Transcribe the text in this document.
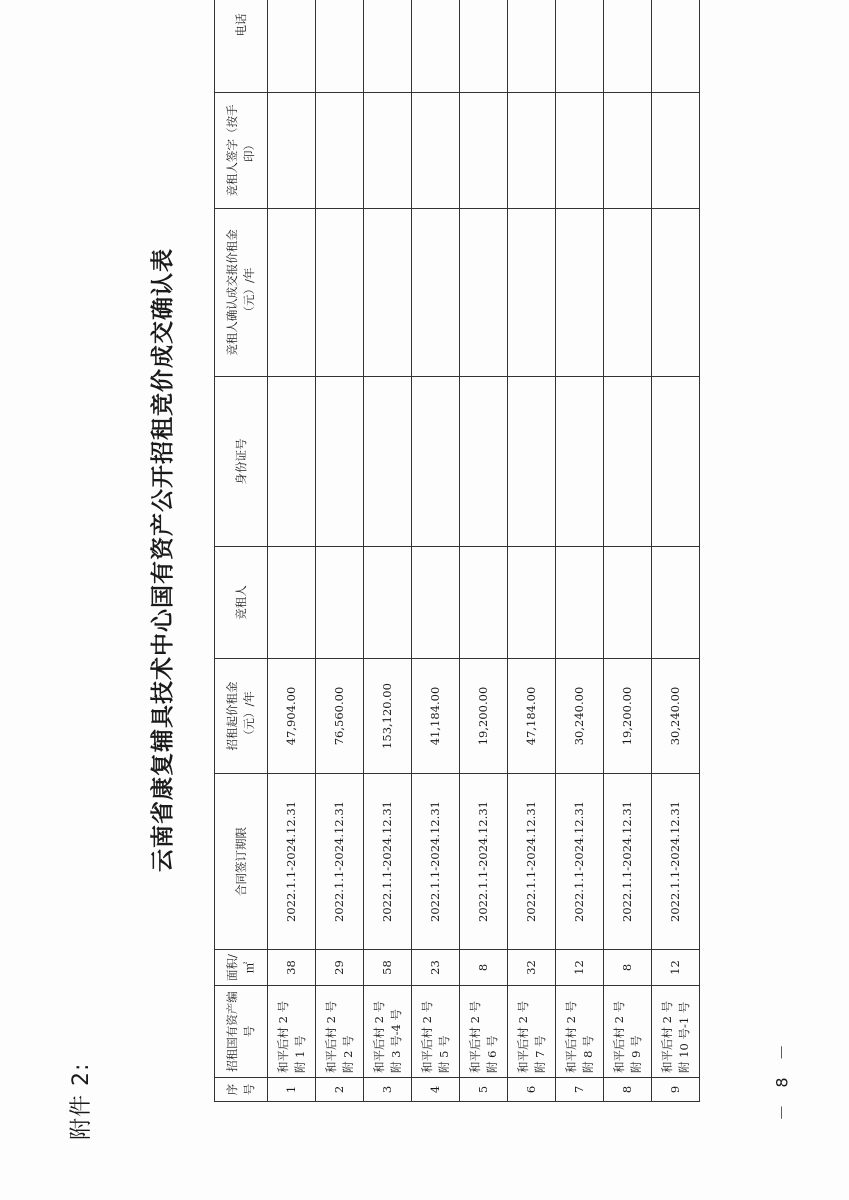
附件 2:
云南省康复辅具技术中心国有资产公开招租竞价成交确认表
序号	招租国有资产编号	面积/㎡	合同签订期限	招租起价租金（元）/年	竞租人	身份证号	竞租人确认成交报价租金（元）/年	竞租人签字（按手印）	电话
1	和平后村 2 号附 1 号	38	2022.1.1-2024.12.31	47,904.00					
2	和平后村 2 号附 2 号	29	2022.1.1-2024.12.31	76,560.00					
3	和平后村 2 号附 3 号-4 号	58	2022.1.1-2024.12.31	153,120.00					
4	和平后村 2 号附 5 号	23	2022.1.1-2024.12.31	41,184.00					
5	和平后村 2 号附 6 号	8	2022.1.1-2024.12.31	19,200.00					
6	和平后村 2 号附 7 号	32	2022.1.1-2024.12.31	47,184.00					
7	和平后村 2 号附 8 号	12	2022.1.1-2024.12.31	30,240.00					
8	和平后村 2 号附 9 号	8	2022.1.1-2024.12.31	19,200.00					
9	和平后村 2 号附 10 号-1 号	12	2022.1.1-2024.12.31	30,240.00					
－ 8 －
